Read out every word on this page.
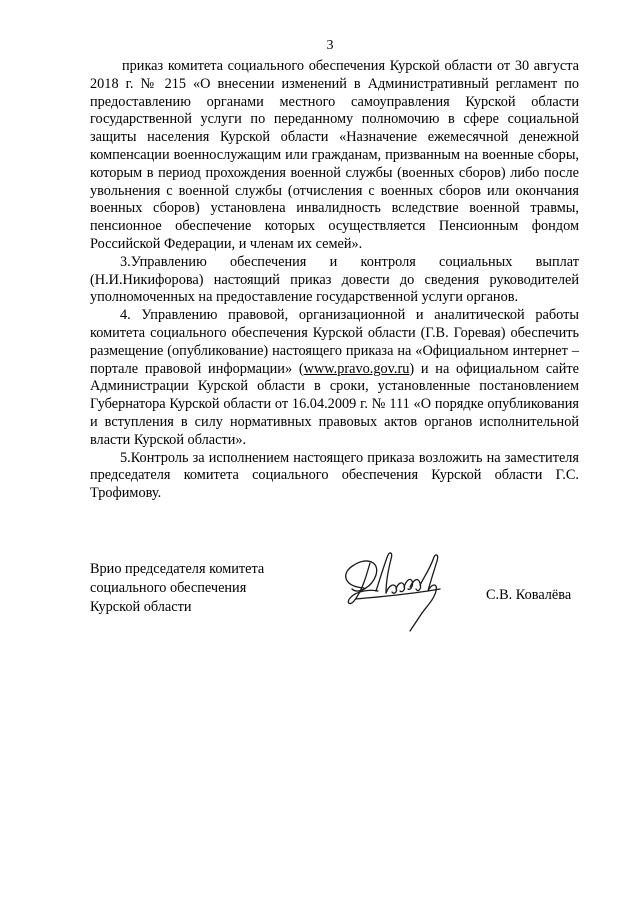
3

приказ комитета социального обеспечения Курской области от 30 августа 2018 г. № 215 «О внесении изменений в Административный регламент по предоставлению органами местного самоуправления Курской области государственной услуги по переданному полномочию в сфере социальной защиты населения Курской области «Назначение ежемесячной денежной компенсации военнослужащим или гражданам, призванным на военные сборы, которым в период прохождения военной службы (военных сборов) либо после увольнения с военной службы (отчисления с военных сборов или окончания военных сборов) установлена инвалидность вследствие военной травмы, пенсионное обеспечение которых осуществляется Пенсионным фондом Российской Федерации, и членам их семей».

3.Управлению обеспечения и контроля социальных выплат (Н.И.Никифорова) настоящий приказ довести до сведения руководителей уполномоченных на предоставление государственной услуги органов.

4. Управлению правовой, организационной и аналитической работы комитета социального обеспечения Курской области (Г.В. Горевая) обеспечить размещение (опубликование) настоящего приказа на «Официальном интернет – портале правовой информации» (www.pravo.gov.ru) и на официальном сайте Администрации Курской области в сроки, установленные постановлением Губернатора Курской области от 16.04.2009 г. № 111 «О порядке опубликования и вступления в силу нормативных правовых актов органов исполнительной власти Курской области».

5.Контроль за исполнением настоящего приказа возложить на заместителя председателя комитета социального обеспечения Курской области Г.С. Трофимову.

Врио председателя комитета
социального обеспечения
Курской области
С.В. Ковалёва
